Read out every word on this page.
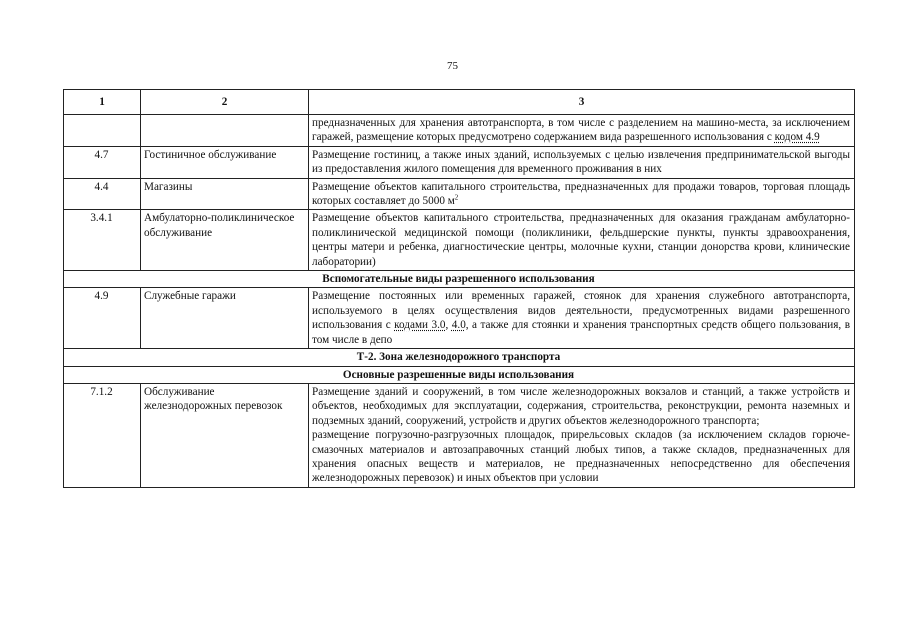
75
1	2	3
		предназначенных для хранения автотранспорта, в том числе с разделением на машино-места, за исключением гаражей, размещение которых предусмотрено содержанием вида разрешенного использования с кодом 4.9
4.7	Гостиничное обслуживание	Размещение гостиниц, а также иных зданий, используемых с целью извлечения предпринимательской выгоды из предоставления жилого помещения для временного проживания в них
4.4	Магазины	Размещение объектов капитального строительства, предназначенных для продажи товаров, торговая площадь которых составляет до 5000 $м^2$
3.4.1	Амбулаторно-поликлиническое обслуживание	Размещение объектов капитального строительства, предназначенных для оказания гражданам амбулаторно-поликлинической медицинской помощи (поликлиники, фельдшерские пункты, пункты здравоохранения, центры матери и ребенка, диагностические центры, молочные кухни, станции донорства крови, клинические лаборатории)
Вспомогательные виды разрешенного использования		
4.9	Служебные гаражи	Размещение постоянных или временных гаражей, стоянок для хранения служебного автотранспорта, используемого в целях осуществления видов деятельности, предусмотренных видами разрешенного использования с кодами 3.0, 4.0, а также для стоянки и хранения транспортных средств общего пользования, в том числе в депо
Т-2. Зона железнодорожного транспорта		
Основные разрешенные виды использования		
7.1.2	Обслуживание железнодорожных перевозок	Размещение зданий и сооружений, в том числе железнодорожных вокзалов и станций, а также устройств и объектов, необходимых для эксплуатации, содержания, строительства, реконструкции, ремонта наземных и подземных зданий, сооружений, устройств и других объектов железнодорожного транспорта;
размещение погрузочно-разгрузочных площадок, прирельсовых складов (за исключением складов горюче-смазочных материалов и автозаправочных станций любых типов, а также складов, предназначенных для хранения опасных веществ и материалов, не предназначенных непосредственно для обеспечения железнодорожных перевозок) и иных объектов при условии
